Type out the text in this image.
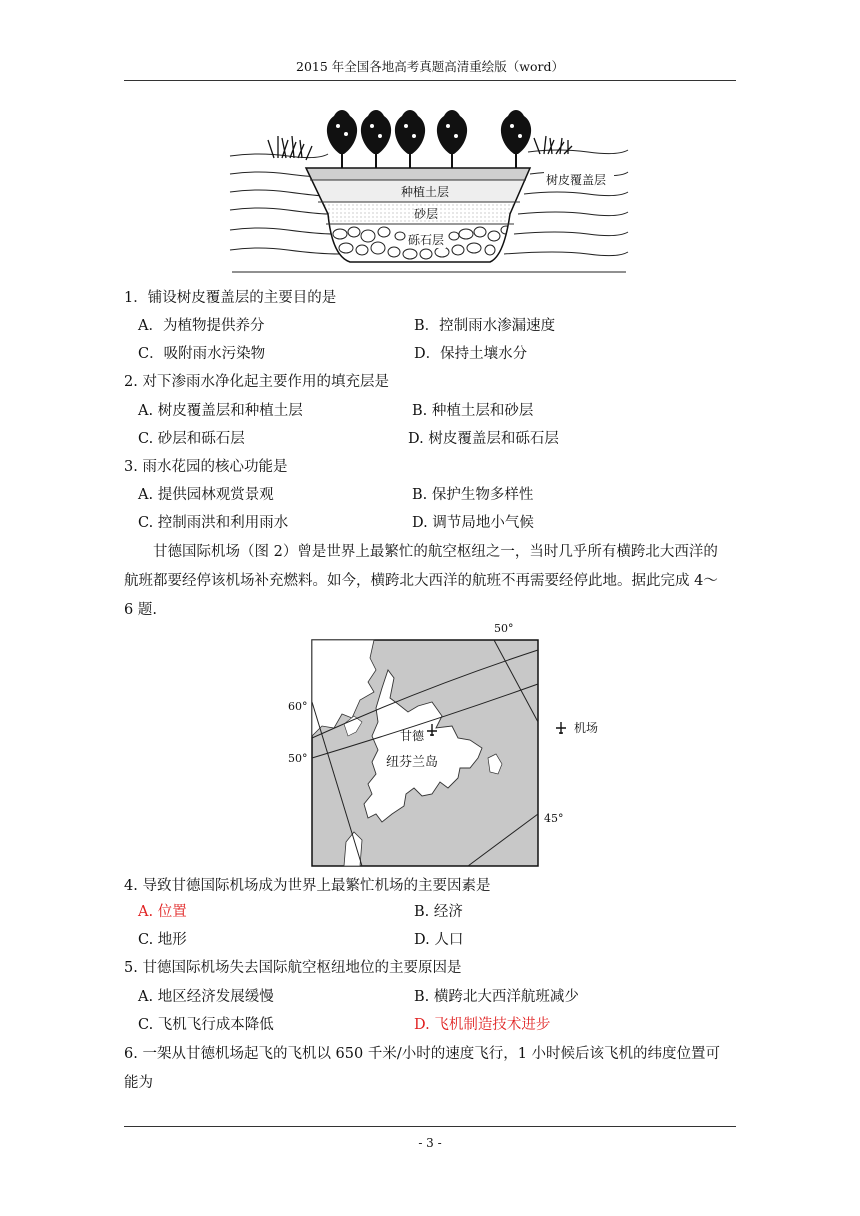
2015 年全国各地高考真题高清重绘版（word）
树皮覆盖层
种植土层
砂层
砾石层
1．铺设树皮覆盖层的主要目的是
A．为植物提供养分	B．控制雨水渗漏速度
C．吸附雨水污染物	D．保持土壤水分
2. 对下渗雨水净化起主要作用的填充层是
A. 树皮覆盖层和种植土层	B. 种植土层和砂层
C. 砂层和砾石层	D. 树皮覆盖层和砾石层
3. 雨水花园的核心功能是
A. 提供园林观赏景观	B. 保护生物多样性
C. 控制雨洪和利用雨水	D. 调节局地小气候
甘德国际机场（图 2）曾是世界上最繁忙的航空枢纽之一，当时几乎所有横跨北大西洋的
航班都要经停该机场补充燃料。如今，横跨北大西洋的航班不再需要经停此地。据此完成 4～
6 题.
50°
60°
50°
45°
甘德
纽芬兰岛
机场
4. 导致甘德国际机场成为世界上最繁忙机场的主要因素是
A. 位置	B. 经济
C. 地形	D. 人口
5. 甘德国际机场失去国际航空枢纽地位的主要原因是
A. 地区经济发展缓慢	B. 横跨北大西洋航班减少
C. 飞机飞行成本降低	D. 飞机制造技术进步
6. 一架从甘德机场起飞的飞机以 650 千米/小时的速度飞行，1 小时候后该飞机的纬度位置可
能为
- 3 -
